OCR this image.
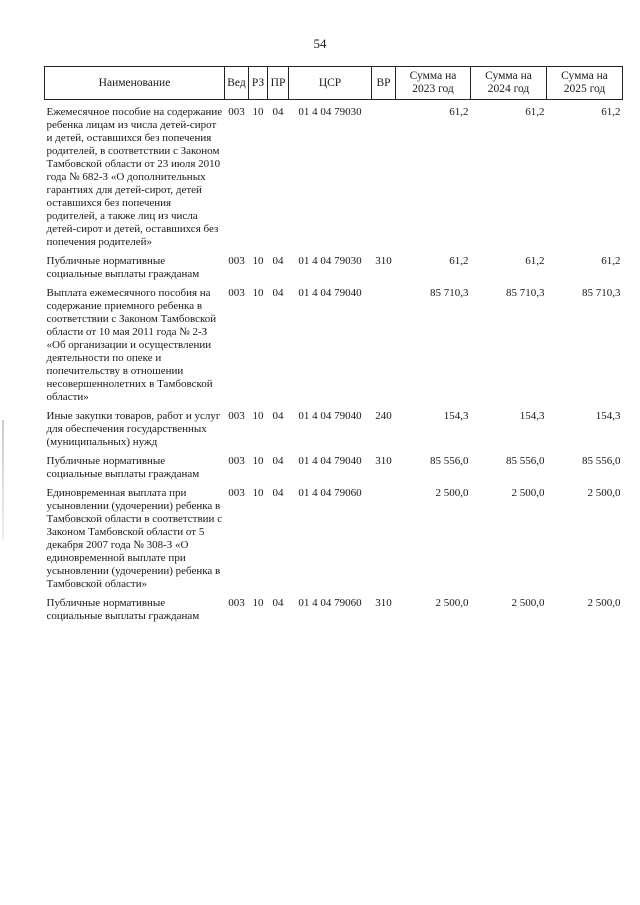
54
Наименование	Вед	РЗ	ПР	ЦСР	ВР	Сумма на 2023 год	Сумма на 2024 год	Сумма на 2025 год

Ежемесячное пособие на содержание ребенка лицам из числа детей-сирот и детей, оставшихся без попечения родителей, в соответствии с Законом Тамбовской области от 23 июля 2010 года № 682-З «О дополнительных гарантиях для детей-сирот, детей оставшихся без попечения родителей, а также лиц из числа детей-сирот и детей, оставшихся без попечения родителей»	003	10	04	01 4 04 79030		61,2	61,2	61,2

Публичные нормативные социальные выплаты гражданам	003	10	04	01 4 04 79030	310	61,2	61,2	61,2

Выплата ежемесячного пособия на содержание приемного ребенка в соответствии с Законом Тамбовской области от 10 мая 2011 года № 2-З «Об организации и осуществлении деятельности по опеке и попечительству в отношении несовершеннолетних в Тамбовской области»	003	10	04	01 4 04 79040		85 710,3	85 710,3	85 710,3

Иные закупки товаров, работ и услуг для обеспечения государственных (муниципальных) нужд	003	10	04	01 4 04 79040	240	154,3	154,3	154,3

Публичные нормативные социальные выплаты гражданам	003	10	04	01 4 04 79040	310	85 556,0	85 556,0	85 556,0

Единовременная выплата при усыновлении (удочерении) ребенка в Тамбовской области в соответствии с Законом Тамбовской области от 5 декабря 2007 года № 308-З «О единовременной выплате при усыновлении (удочерении) ребенка в Тамбовской области»	003	10	04	01 4 04 79060		2 500,0	2 500,0	2 500,0

Публичные нормативные социальные выплаты гражданам	003	10	04	01 4 04 79060	310	2 500,0	2 500,0	2 500,0
